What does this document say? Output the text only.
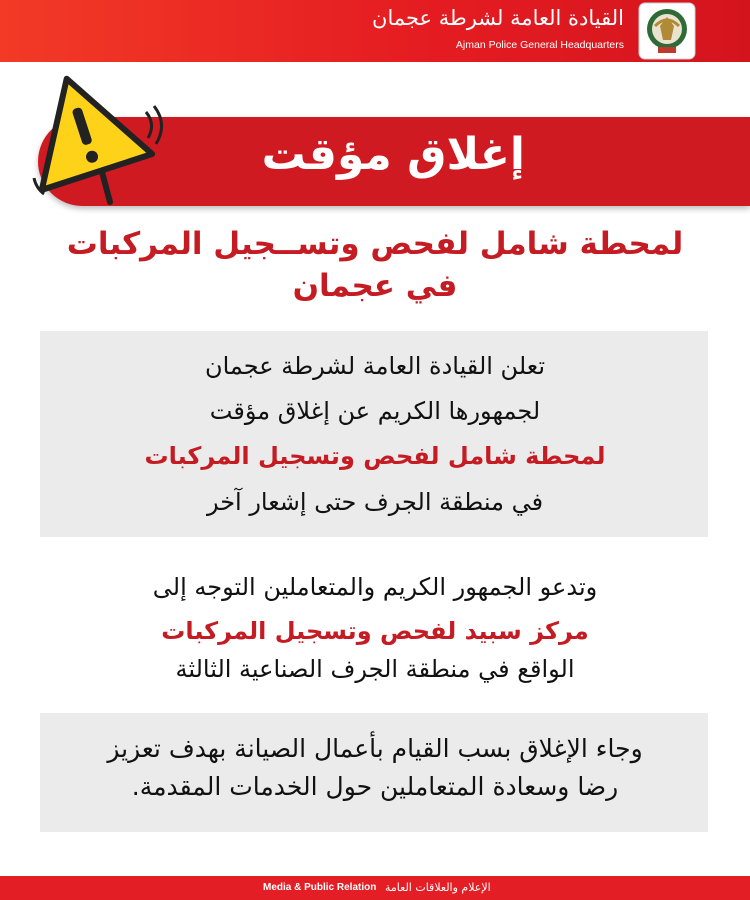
القيادة العامة لشرطة عجمان
Ajman Police General Headquarters
إغلاق مؤقت
لمحطة شامل لفحص وتســجيل المركبات
في عجمان
تعلن القيادة العامة لشرطة عجمان
لجمهورها الكريم عن إغلاق مؤقت
لمحطة شامل لفحص وتسجيل المركبات
في منطقة الجرف حتى إشعار آخر
وتدعو الجمهور الكريم والمتعاملين التوجه إلى
مركز سبيد لفحص وتسجيل المركبات
الواقع في منطقة الجرف الصناعية الثالثة
وجاء الإغلاق بسب القيام بأعمال الصيانة بهدف تعزيز
رضا وسعادة المتعاملين حول الخدمات المقدمة.
Media & Public Relation الإعلام والعلاقات العامة
